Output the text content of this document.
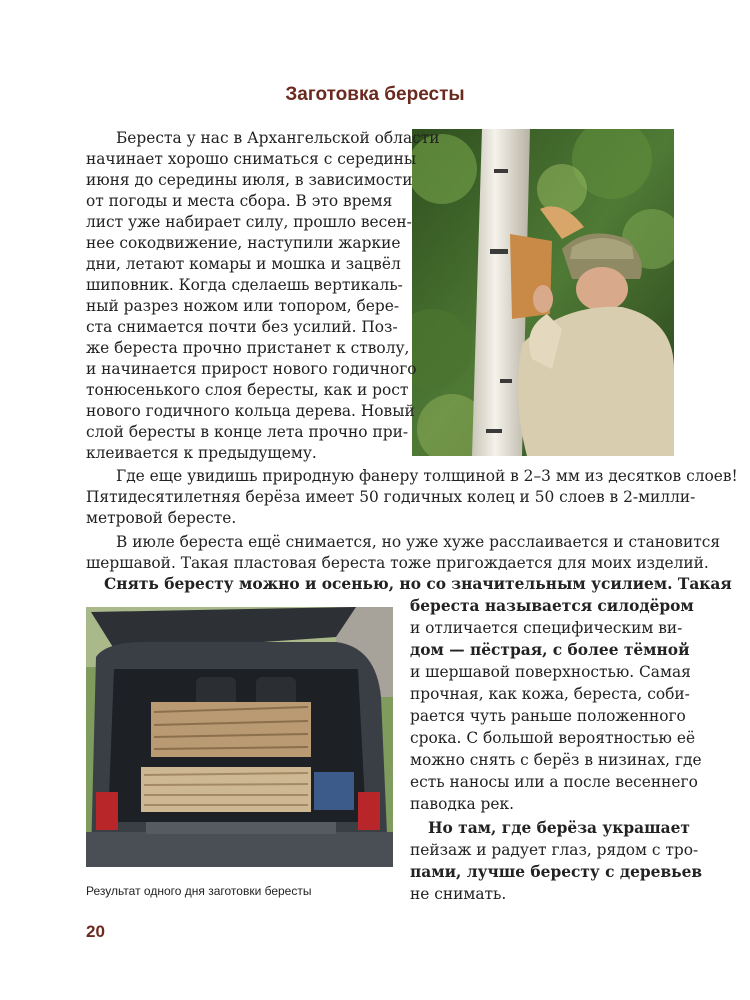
Заготовка бересты
Результат одного дня заготовки бересты

Береста у нас в Архангельской области

начинает хорошо сниматься с середины

июня до середины июля, в зависимости

от погоды и места сбора. В это время

лист уже набирает силу, прошло весен-

нее сокодвижение, наступили жаркие

дни, летают комары и мошка и зацвёл

шиповник. Когда сделаешь вертикаль-

ный разрез ножом или топором, бере-

ста снимается почти без усилий. Поз-

же береста прочно пристанет к стволу,

и начинается прирост нового годичного

тонюсенького слоя бересты, как и рост

нового годичного кольца дерева. Новый

слой бересты в конце лета прочно при-

клеивается к предыдущему.

Где еще увидишь природную фанеру толщиной в 2–3 мм из десятков слоев!

Пятидесятилетняя берёза имеет 50 годичных колец и 50 слоев в 2-милли-

метровой бересте.

В июле береста ещё снимается, но уже хуже расслаивается и становится

шершавой. Такая пластовая береста тоже пригождается для моих изделий.

Снять бересту можно и осенью, но со значительным усилием. Такая

береста называется силодёром

и отличается специфическим ви-

дом — пёстрая, с более тёмной

и шершавой поверхностью. Самая

прочная, как кожа, береста, соби-

рается чуть раньше положенного

срока. С большой вероятностью её

можно снять с берёз в низинах, где

есть наносы или а после весеннего

паводка рек.

Но там, где берёза украшает

пейзаж и радует глаз, рядом с тро-

пами, лучше бересту с деревьев

не снимать.

20
